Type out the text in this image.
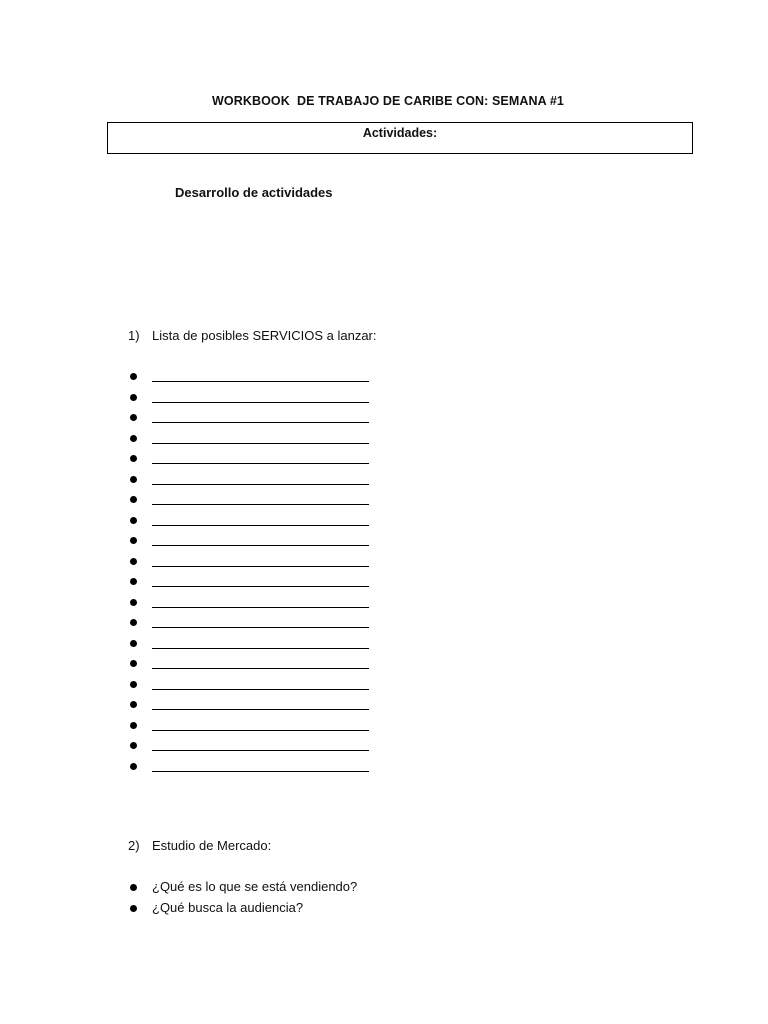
WORKBOOK  DE TRABAJO DE CARIBE CON: SEMANA #1
Actividades:
Desarrollo de actividades
1) Lista de posibles SERVICIOS a lanzar:
2) Estudio de Mercado:
¿Qué es lo que se está vendiendo?
¿Qué busca la audiencia?
